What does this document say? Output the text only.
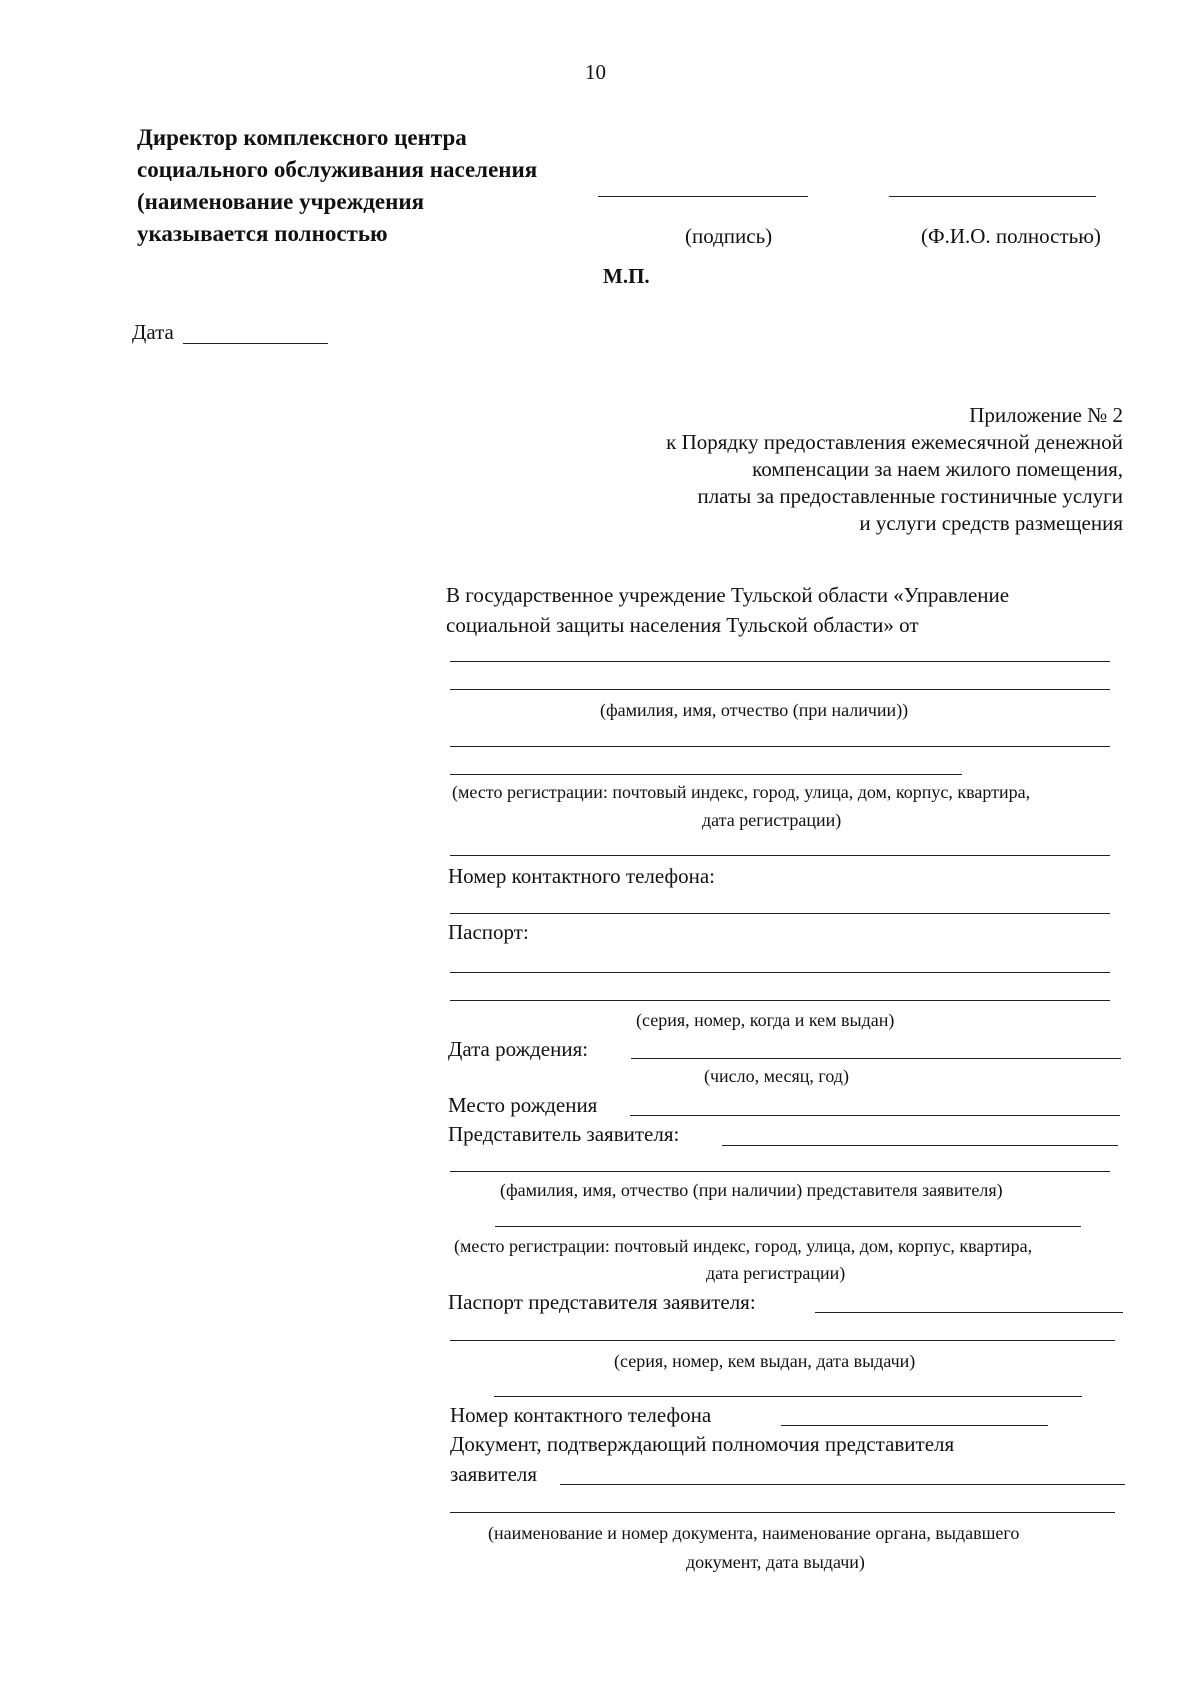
10
Директор комплексного центра
социального обслуживания населения
(наименование учреждения
указывается полностью	(подпись)	(Ф.И.О. полностью)
М.П.
Дата
Приложение № 2
к Порядку предоставления ежемесячной денежной
компенсации за наем жилого помещения,
платы за предоставленные гостиничные услуги
и услуги средств размещения
В государственное учреждение Тульской области «Управление
социальной защиты населения Тульской области» от
(фамилия, имя, отчество (при наличии))
(место регистрации: почтовый индекс, город, улица, дом, корпус, квартира,
дата регистрации)
Номер контактного телефона:
Паспорт:
(серия, номер, когда и кем выдан)
Дата рождения:
(число, месяц, год)
Место рождения
Представитель заявителя:
(фамилия, имя, отчество (при наличии) представителя заявителя)
(место регистрации: почтовый индекс, город, улица, дом, корпус, квартира,
дата регистрации)
Паспорт представителя заявителя:
(серия, номер, кем выдан, дата выдачи)
Номер контактного телефона
Документ, подтверждающий полномочия представителя
заявителя
(наименование и номер документа, наименование органа, выдавшего
документ, дата выдачи)
